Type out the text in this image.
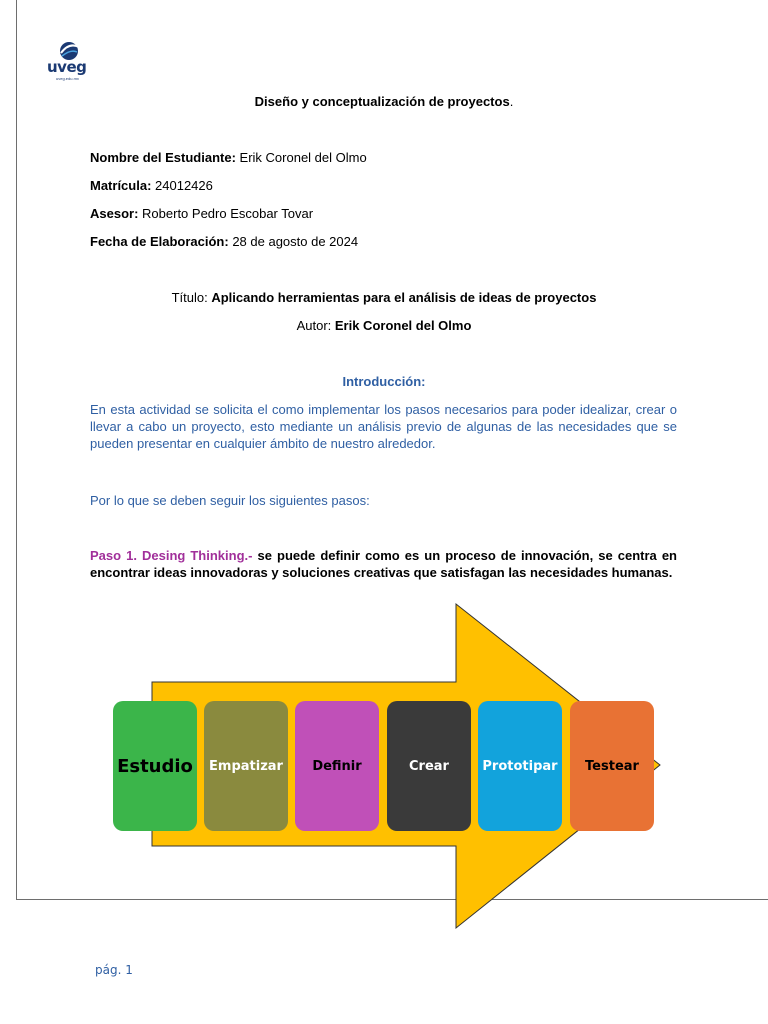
uveg
uveg.edu.mx
Diseño y conceptualización de proyectos.
Nombre del Estudiante: Erik Coronel del Olmo
Matrícula: 24012426
Asesor: Roberto Pedro Escobar Tovar
Fecha de Elaboración: 28 de agosto de 2024
Título: Aplicando herramientas para el análisis de ideas de proyectos
Autor: Erik Coronel del Olmo
Introducción:
En esta actividad se solicita el como implementar los pasos necesarios para poder idealizar, crear o llevar a cabo un proyecto, esto mediante un análisis previo de algunas de las necesidades que se pueden presentar en cualquier ámbito de nuestro alrededor.
Por lo que se deben seguir los siguientes pasos:
Paso 1. Desing Thinking.- se puede definir como es un proceso de innovación, se centra en encontrar ideas innovadoras y soluciones creativas que satisfagan las necesidades humanas.
Estudio Empatizar Definir	Crear	Prototipar Testear
pág. 1
